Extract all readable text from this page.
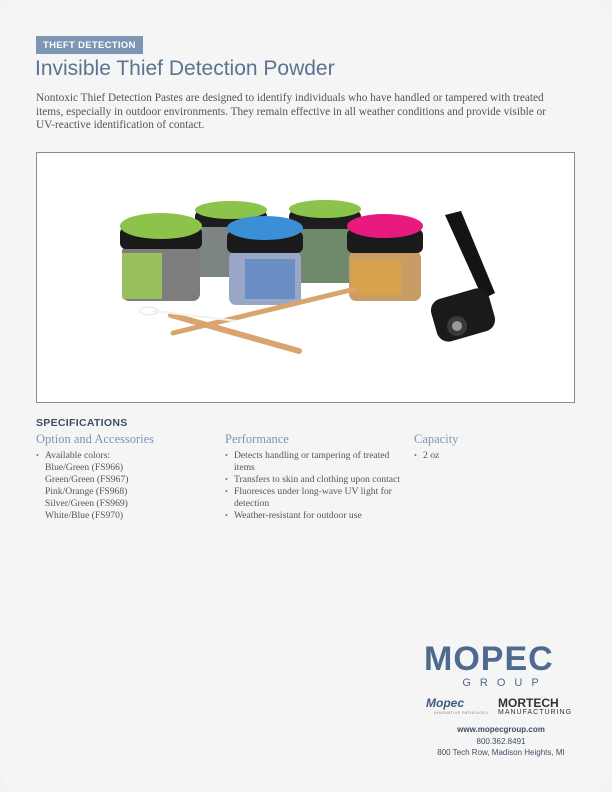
THEFT DETECTION
Invisible Thief Detection Powder
Nontoxic Thief Detection Pastes are designed to identify individuals who have handled or tampered with treated items, especially in outdoor environments. They remain effective in all weather conditions and provide visible or UV-reactive identification of contact.
SPECIFICATIONS
Option and Accessories
• Available colors:
Blue/Green (FS966)
Green/Green (FS967)
Pink/Orange (FS968)
Silver/Green (FS969)
White/Blue (FS970)
Performance
• Detects handling or tampering of treated items
• Transfers to skin and clothing upon contact
• Fluoresces under long-wave UV light for detection
• Weather-resistant for outdoor use
Capacity
• 2 oz
MOPEC
GROUP
Mopec
INNOVATIVE PATHOLOGY
MORTECH
MANUFACTURING
www.mopecgroup.com
800.362.8491
800 Tech Row, Madison Heights, MI
